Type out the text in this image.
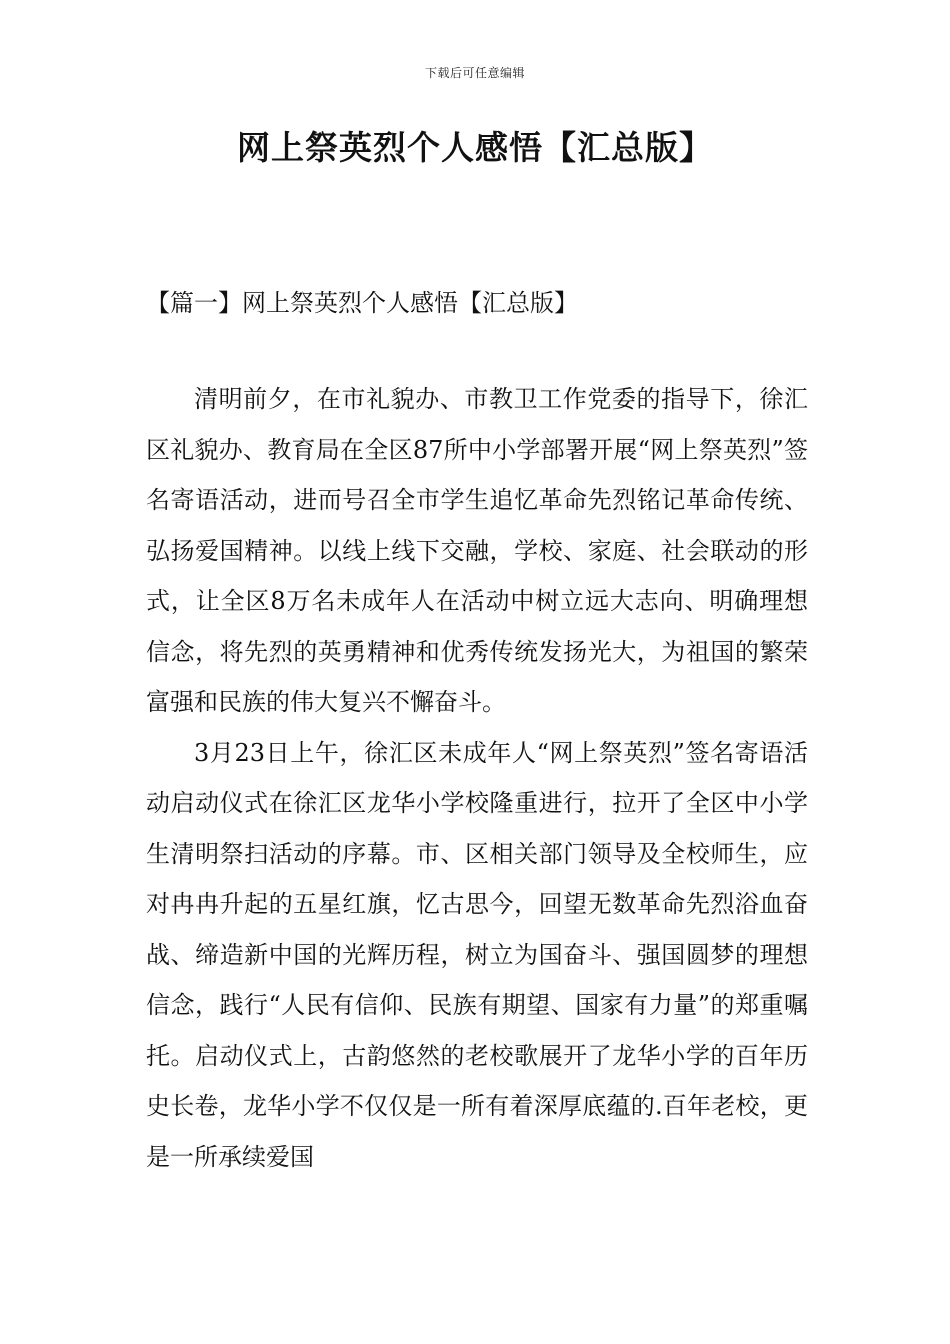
下载后可任意编辑
网上祭英烈个人感悟【汇总版】
【篇一】网上祭英烈个人感悟【汇总版】

清明前夕，在市礼貌办、市教卫工作党委的指导下，徐汇区礼貌办、教育局在全区87所中小学部署开展“网上祭英烈”签名寄语活动，进而号召全市学生追忆革命先烈铭记革命传统、弘扬爱国精神。以线上线下交融，学校、家庭、社会联动的形式，让全区8万名未成年人在活动中树立远大志向、明确理想信念，将先烈的英勇精神和优秀传统发扬光大，为祖国的繁荣富强和民族的伟大复兴不懈奋斗。

3月23日上午，徐汇区未成年人“网上祭英烈”签名寄语活动启动仪式在徐汇区龙华小学校隆重进行，拉开了全区中小学生清明祭扫活动的序幕。市、区相关部门领导及全校师生，应对冉冉升起的五星红旗，忆古思今，回望无数革命先烈浴血奋战、缔造新中国的光辉历程，树立为国奋斗、强国圆梦的理想信念，践行“人民有信仰、民族有期望、国家有力量”的郑重嘱托。启动仪式上，古韵悠然的老校歌展开了龙华小学的百年历史长卷，龙华小学不仅仅是一所有着深厚底蕴的.百年老校，更是一所承续爱国
